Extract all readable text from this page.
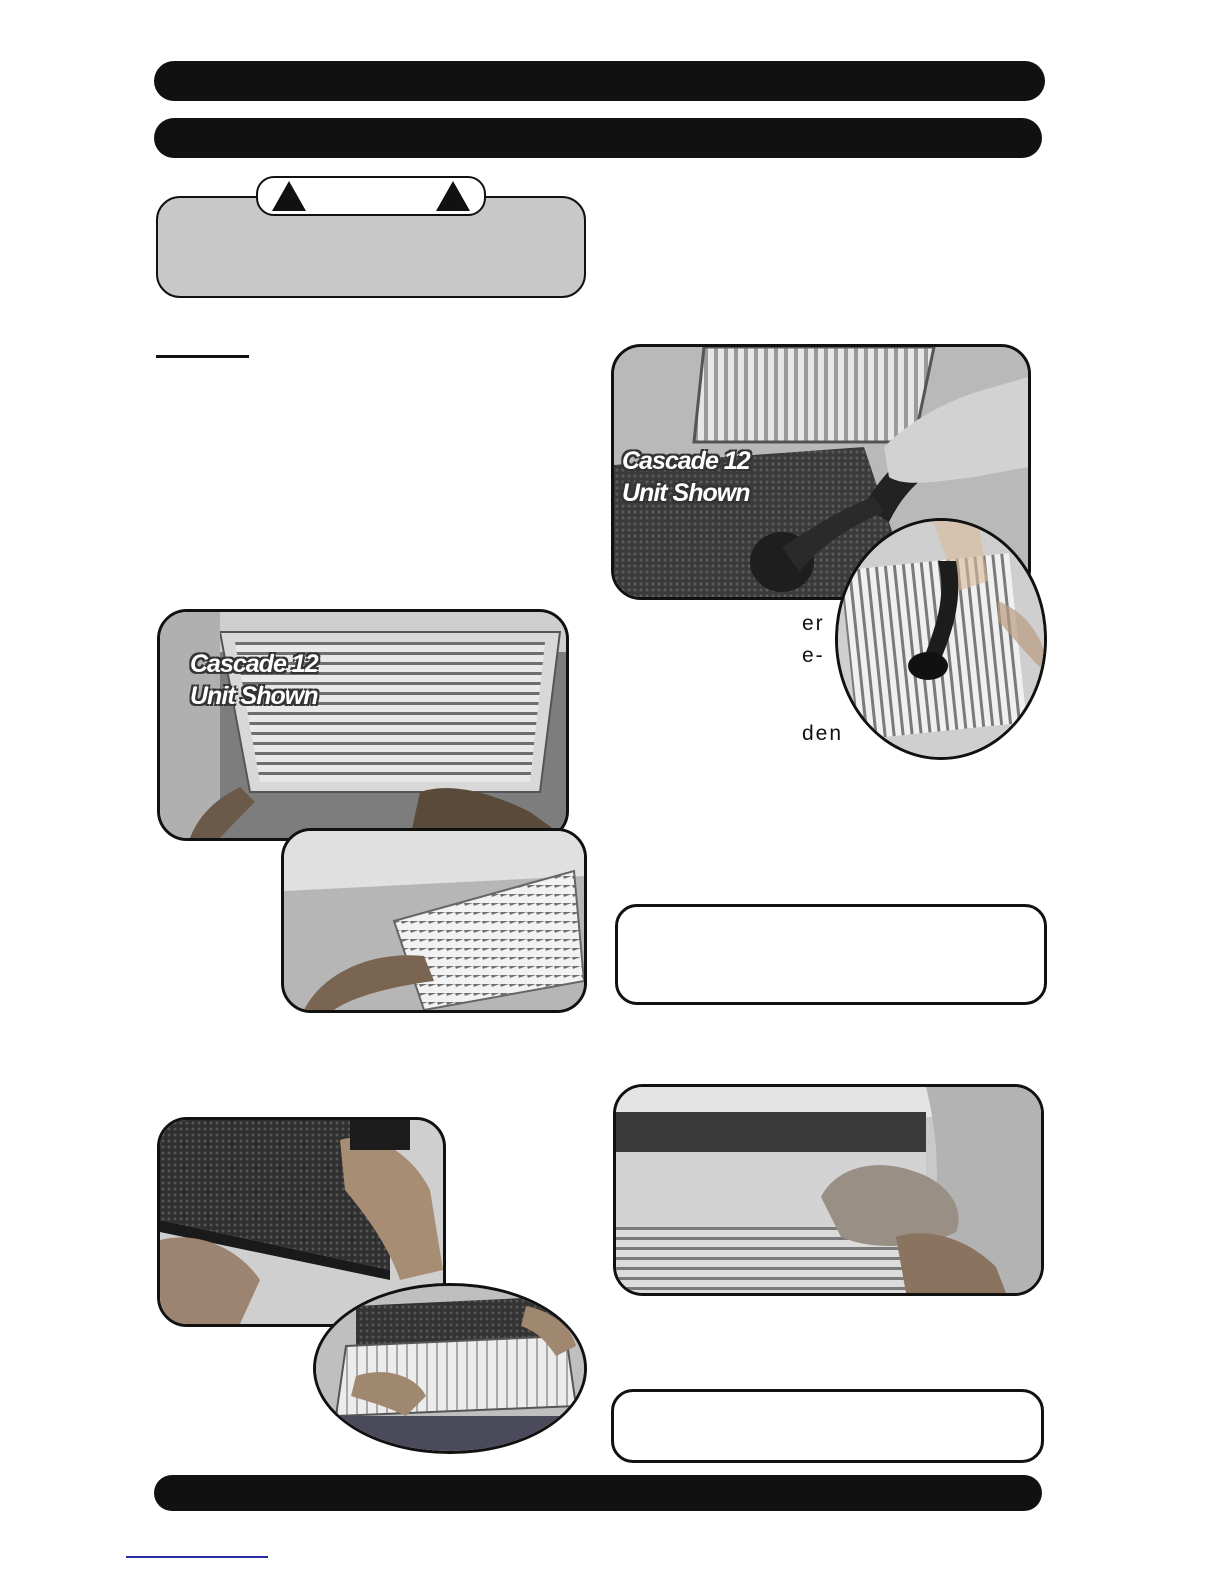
Cascade 12
Unit Shown
er
e-
den
Cascade 12
Unit Shown
